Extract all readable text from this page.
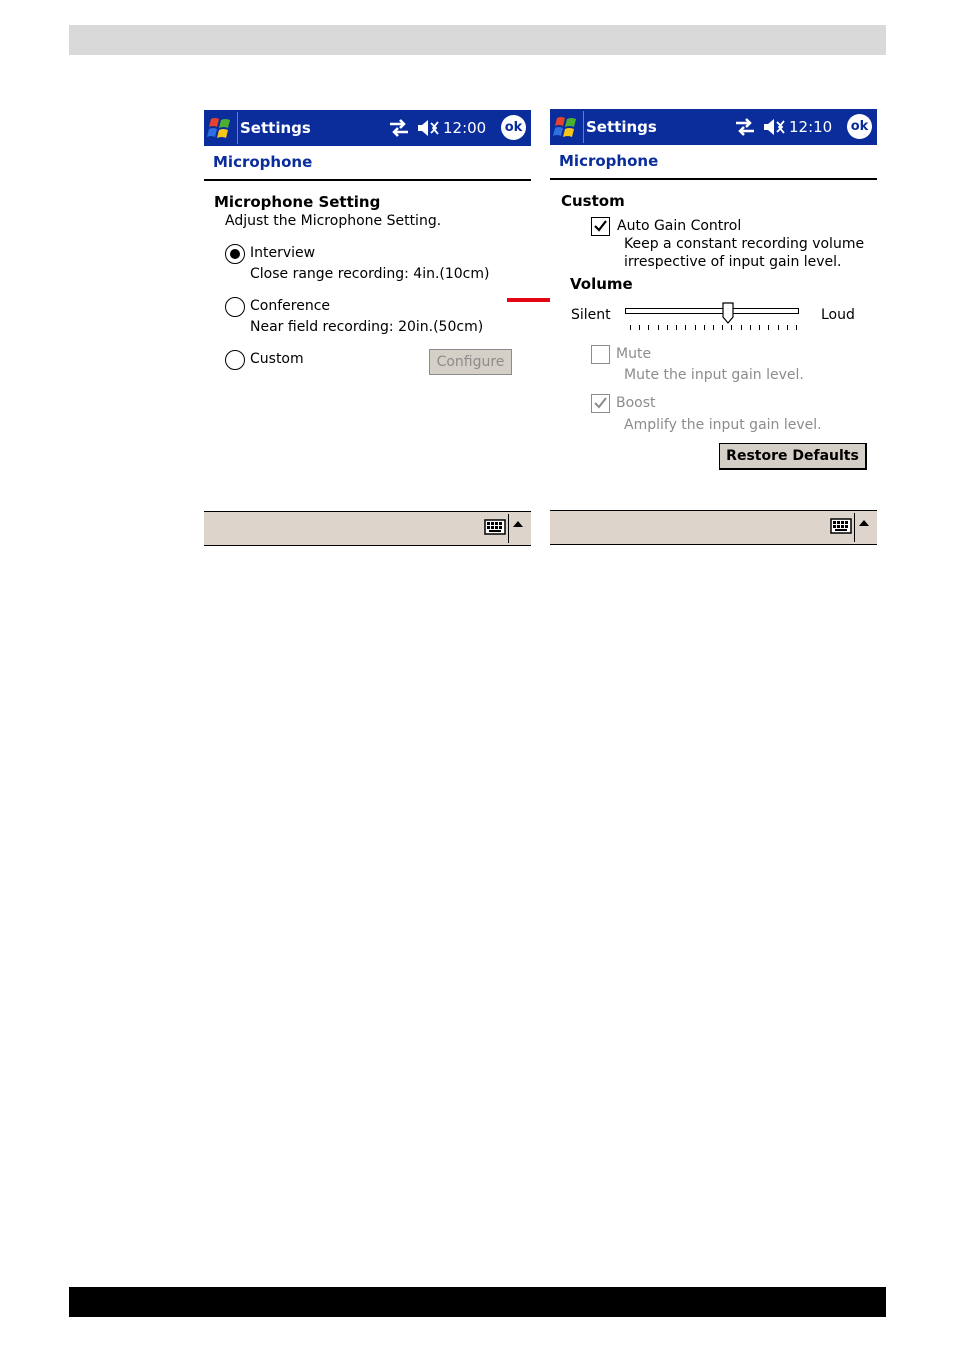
Settings	12:00 ok
Microphone
Microphone Setting
Adjust the Microphone Setting.
Interview
Close range recording: 4in.(10cm)
Conference
Near field recording: 20in.(50cm)
Custom	Configure
Settings	12:10 ok
Microphone
Custom
Auto Gain Control
Keep a constant recording volume
irrespective of input gain level.
Volume
Silent	Loud
Mute
Mute the input gain level.
Boost
Amplify the input gain level.
Restore Defaults
